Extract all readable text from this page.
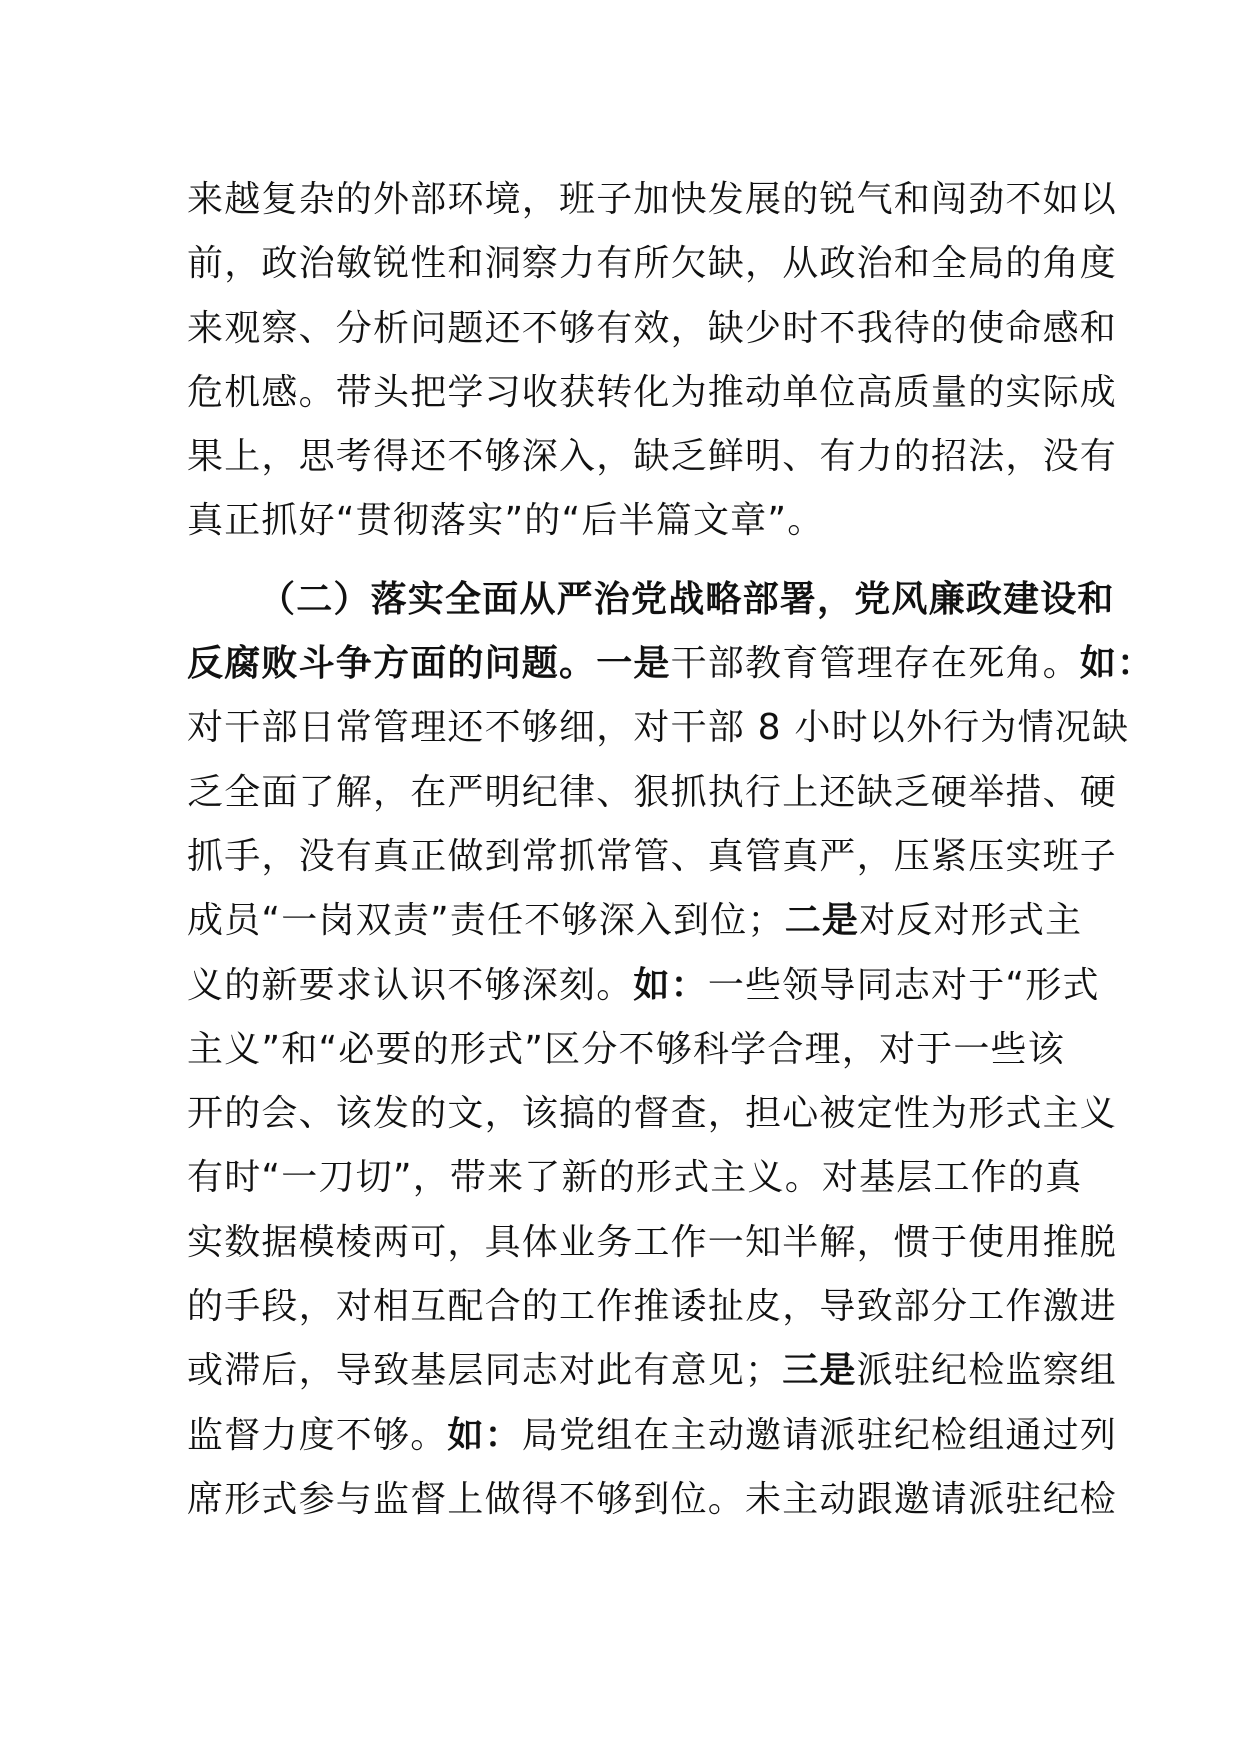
来越复杂的外部环境，班子加快发展的锐气和闯劲不如以
前，政治敏锐性和洞察力有所欠缺，从政治和全局的角度
来观察、分析问题还不够有效，缺少时不我待的使命感和
危机感。带头把学习收获转化为推动单位高质量的实际成
果上，思考得还不够深入，缺乏鲜明、有力的招法，没有
真正抓好“贯彻落实”的“后半篇文章”。

（二）落实全面从严治党战略部署，党风廉政建设和
反腐败斗争方面的问题。一是干部教育管理存在死角。如：
对干部日常管理还不够细，对干部 8 小时以外行为情况缺
乏全面了解，在严明纪律、狠抓执行上还缺乏硬举措、硬
抓手，没有真正做到常抓常管、真管真严，压紧压实班子
成员“一岗双责”责任不够深入到位；二是对反对形式主
义的新要求认识不够深刻。如：一些领导同志对于“形式
主义”和“必要的形式”区分不够科学合理，对于一些该
开的会、该发的文，该搞的督查，担心被定性为形式主义
有时“一刀切”，带来了新的形式主义。对基层工作的真
实数据模棱两可，具体业务工作一知半解，惯于使用推脱
的手段，对相互配合的工作推诿扯皮，导致部分工作激进
或滞后，导致基层同志对此有意见；三是派驻纪检监察组
监督力度不够。如：局党组在主动邀请派驻纪检组通过列
席形式参与监督上做得不够到位。未主动跟邀请派驻纪检
